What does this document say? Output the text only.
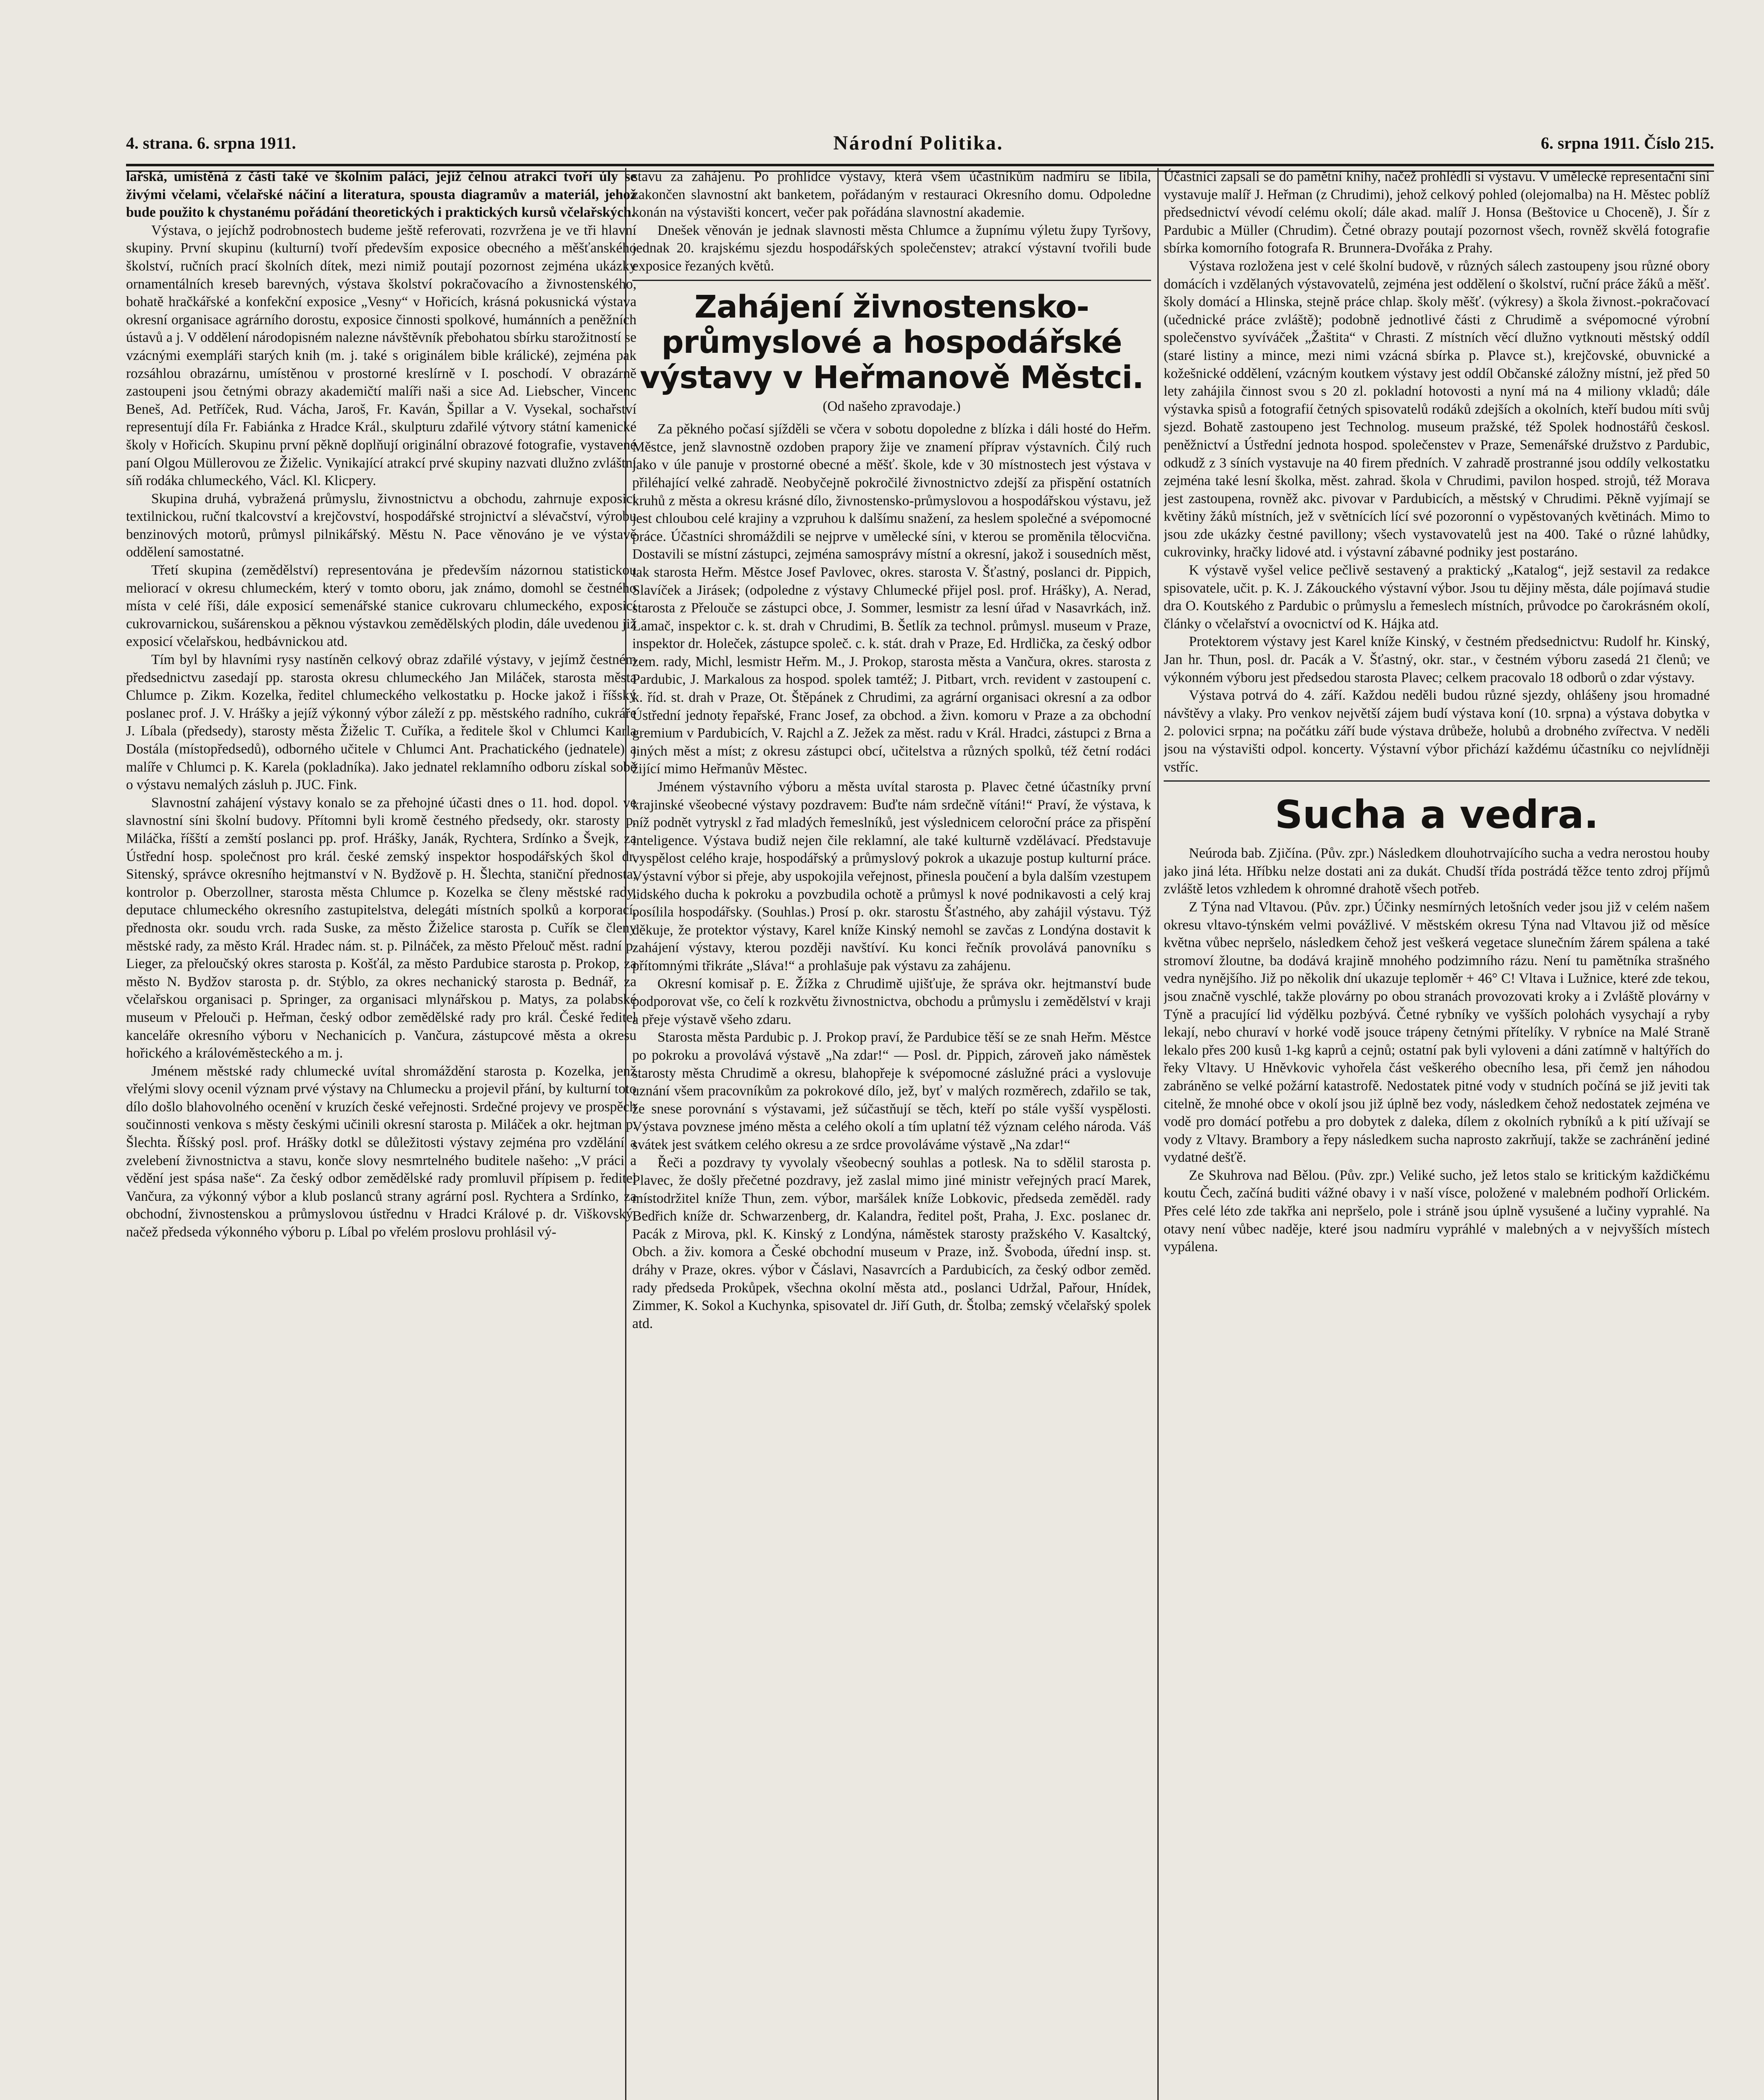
4. strana. 6. srpna 1911.	Národní Politika.	6. srpna 1911. Číslo 215.

lařská, umístěná z části také ve školním paláci, jejíž čelnou atrakci tvoří úly se živými včelami, včelařské náčiní a literatura, spousta diagramův a materiál, jehož bude použito k chystanému pořádání theoretických i praktických kursů včelařských.

Výstava, o jejíchž podrobnostech budeme ještě referovati, rozvržena je ve tři hlavní skupiny. První skupinu (kulturní) tvoří především exposice obecného a měšťanského školství, ručních prací školních dítek, mezi nimiž poutají pozornost zejména ukázky ornamentálních kreseb barevných, výstava školství pokračovacího a živnostenského, bohatě hračkářské a konfekční exposice „Vesny“ v Hořicích, krásná pokusnická výstava okresní organisace agrárního dorostu, exposice činnosti spolkové, humánních a peněžních ústavů a j. V oddělení národopisném nalezne návštěvník přebohatou sbírku starožitností se vzácnými exempláři starých knih (m. j. také s originálem bible králické), zejména pak rozsáhlou obrazárnu, umístěnou v prostorné kreslírně v I. poschodí. V obrazárně zastoupeni jsou četnými obrazy akademičtí malíři naši a sice Ad. Liebscher, Vincenc Beneš, Ad. Petříček, Rud. Vácha, Jaroš, Fr. Kaván, Špillar a V. Vysekal, sochařství representují díla Fr. Fabiánka z Hradce Král., skulpturu zdařilé výtvory státní kamenické školy v Hořicích. Skupinu první pěkně doplňují originální obrazové fotografie, vystavené paní Olgou Müllerovou ze Žiželic. Vynikající atrakcí prvé skupiny nazvati dlužno zvláštní síň rodáka chlumeckého, Václ. Kl. Klicpery.

Skupina druhá, vybražená průmyslu, živnostnictvu a obchodu, zahrnuje exposici textilnickou, ruční tkalcovství a krejčovství, hospodářské strojnictví a slévačství, výrobu benzinových motorů, průmysl pilnikářský. Městu N. Pace věnováno je ve výstavě oddělení samostatné.

Třetí skupina (zemědělství) representována je především názornou statistickou meliorací v okresu chlumeckém, který v tomto oboru, jak známo, domohl se čestného místa v celé říši, dále exposicí semenářské stanice cukrovaru chlumeckého, exposicí cukrovarnickou, sušárenskou a pěknou výstavkou zemědělských plodin, dále uvedenou již exposicí včelařskou, hedbávnickou atd.

Tím byl by hlavními rysy nastíněn celkový obraz zdařilé výstavy, v jejímž čestném předsednictvu zasedají pp. starosta okresu chlumeckého Jan Miláček, starosta města Chlumce p. Zikm. Kozelka, ředitel chlumeckého velkostatku p. Hocke jakož i říšský poslanec prof. J. V. Hrášky a jejíž výkonný výbor záleží z pp. městského radního, cukráře J. Líbala (předsedy), starosty města Žiželic T. Cuříka, a ředitele škol v Chlumci Karla Dostála (místopředsedů), odborného učitele v Chlumci Ant. Prachatického (jednatele) a malíře v Chlumci p. K. Karela (pokladníka). Jako jednatel reklamního odboru získal sobě o výstavu nemalých zásluh p. JUC. Fink.

Slavnostní zahájení výstavy konalo se za přehojné účasti dnes o 11. hod. dopol. ve slavnostní síni školní budovy. Přítomni byli kromě čestného předsedy, okr. starosty p. Miláčka, říšští a zemští poslanci pp. prof. Hrášky, Janák, Rychtera, Srdínko a Švejk, za Ústřední hosp. společnost pro král. české zemský inspektor hospodářských škol dr. Sitenský, správce okresního hejtmanství v N. Bydžově p. H. Šlechta, staniční přednosta, kontrolor p. Oberzollner, starosta města Chlumce p. Kozelka se členy městské rady, deputace chlumeckého okresního zastupitelstva, delegáti místních spolků a korporací, přednosta okr. soudu vrch. rada Suske, za město Žiželice starosta p. Cuřík se členy městské rady, za město Král. Hradec nám. st. p. Pilnáček, za město Přelouč měst. radní p. Lieger, za přeloučský okres starosta p. Košťál, za město Pardubice starosta p. Prokop, za město N. Bydžov starosta p. dr. Stýblo, za okres nechanický starosta p. Bednář, za včelařskou organisaci p. Springer, za organisaci mlynářskou p. Matys, za polabské museum v Přelouči p. Heřman, český odbor zemědělské rady pro král. České ředitel kanceláře okresního výboru v Nechanicích p. Vančura, zástupcové města a okresu hořického a královéměsteckého a m. j.

Jménem městské rady chlumecké uvítal shromáždění starosta p. Kozelka, jenž vřelými slovy ocenil význam prvé výstavy na Chlumecku a projevil přání, by kulturní toto dílo došlo blahovolného ocenění v kruzích české veřejnosti. Srdečné projevy ve prospěch součinnosti venkova s městy českými učinili okresní starosta p. Miláček a okr. hejtman p. Šlechta. Říšský posl. prof. Hrášky dotkl se důležitosti výstavy zejména pro vzdělání a zvelebení živnostnictva a stavu, konče slovy nesmrtelného buditele našeho: „V práci a vědění jest spása naše“. Za český odbor zemědělské rady promluvil přípisem p. ředitel Vančura, za výkonný výbor a klub poslanců strany agrární posl. Rychtera a Srdínko, za obchodní, živnostenskou a průmyslovou ústřednu v Hradci Králové p. dr. Viškovský, načež předseda výkonného výboru p. Líbal po vřelém proslovu prohlásil vý-

stavu za zahájenu. Po prohlídce výstavy, která všem účastníkům nadmíru se líbila, zakončen slavnostní akt banketem, pořádaným v restauraci Okresního domu. Odpoledne konán na výstavišti koncert, večer pak pořádána slavnostní akademie.

Dnešek věnován je jednak slavnosti města Chlumce a župnímu výletu župy Tyršovy, jednak 20. krajskému sjezdu hospodářských společenstev; atrakcí výstavní tvořili bude exposice řezaných květů.

Zahájení živnostensko-průmyslové a hospodářské výstavy v Heřmanově Městci.
(Od našeho zpravodaje.)

Za pěkného počasí sjížděli se včera v sobotu dopoledne z blízka i dáli hosté do Heřm. Městce, jenž slavnostně ozdoben prapory žije ve znamení příprav výstavních. Čilý ruch jako v úle panuje v prostorné obecné a měšť. škole, kde v 30 místnostech jest výstava v přiléhající velké zahradě. Neobyčejně pokročilé živnostnictvo zdejší za přispění ostatních kruhů z města a okresu krásné dílo, živnostensko-průmyslovou a hospodářskou výstavu, jež jest chloubou celé krajiny a vzpruhou k dalšímu snažení, za heslem společné a svépomocné práce. Účastníci shromáždili se nejprve v umělecké síni, v kterou se proměnila tělocvična. Dostavili se místní zástupci, zejména samosprávy místní a okresní, jakož i sousedních měst, tak starosta Heřm. Městce Josef Pavlovec, okres. starosta V. Šťastný, poslanci dr. Pippich, Slavíček a Jirásek; (odpoledne z výstavy Chlumecké přijel posl. prof. Hrášky), A. Nerad, starosta z Přelouče se zástupci obce, J. Sommer, lesmistr za lesní úřad v Nasavrkách, inž. Lamač, inspektor c. k. st. drah v Chrudimi, B. Šetlík za technol. průmysl. museum v Praze, inspektor dr. Holeček, zástupce společ. c. k. stát. drah v Praze, Ed. Hrdlička, za český odbor zem. rady, Michl, lesmistr Heřm. M., J. Prokop, starosta města a Vančura, okres. starosta z Pardubic, J. Markalous za hospod. spolek tamtéž; J. Pitbart, vrch. revident v zastoupení c. k. říd. st. drah v Praze, Ot. Štěpánek z Chrudimi, za agrární organisaci okresní a za odbor Ústřední jednoty řepařské, Franc Josef, za obchod. a živn. komoru v Praze a za obchodní gremium v Pardubicích, V. Rajchl a Z. Ježek za měst. radu v Král. Hradci, zástupci z Brna a jiných měst a míst; z okresu zástupci obcí, učitelstva a různých spolků, též četní rodáci žijící mimo Heřmanův Městec.

Jménem výstavního výboru a města uvítal starosta p. Plavec četné účastníky první krajinské všeobecné výstavy pozdravem: Buďte nám srdečně vítáni!“ Praví, že výstava, k níž podnět vytryskl z řad mladých řemeslníků, jest výslednicem celoroční práce za přispění inteligence. Výstava budiž nejen čile reklamní, ale také kulturně vzdělávací. Představuje vyspělost celého kraje, hospodářský a průmyslový pokrok a ukazuje postup kulturní práce. Výstavní výbor si přeje, aby uspokojila veřejnost, přinesla poučení a byla dalším vzestupem lidského ducha k pokroku a povzbudila ochotě a průmysl k nové podnikavosti a celý kraj posílila hospodářsky. (Souhlas.) Prosí p. okr. starostu Šťastného, aby zahájil výstavu. Týž děkuje, že protektor výstavy, Karel kníže Kinský nemohl se zavčas z Londýna dostavit k zahájení výstavy, kterou později navštíví. Ku konci řečník provolává panovníku s přítomnými třikráte „Sláva!“ a prohlašuje pak výstavu za zahájenu.

Okresní komisař p. E. Žížka z Chrudimě ujišťuje, že správa okr. hejtmanství bude podporovat vše, co čelí k rozkvětu živnostnictva, obchodu a průmyslu i zemědělství v kraji a přeje výstavě všeho zdaru.

Starosta města Pardubic p. J. Prokop praví, že Pardubice těší se ze snah Heřm. Městce po pokroku a provolává výstavě „Na zdar!“ — Posl. dr. Pippich, zároveň jako náměstek starosty města Chrudimě a okresu, blahopřeje k svépomocné záslužné práci a vyslovuje uznání všem pracovníkům za pokrokové dílo, jež, byť v malých rozměrech, zdařilo se tak, že snese porovnání s výstavami, jež súčastňují se těch, kteří po stále vyšší vyspělosti. Výstava povznese jméno města a celého okolí a tím uplatní též význam celého národa. Váš svátek jest svátkem celého okresu a ze srdce provoláváme výstavě „Na zdar!“

Řeči a pozdravy ty vyvolaly všeobecný souhlas a potlesk. Na to sdělil starosta p. Plavec, že došly přečetné pozdravy, jež zaslal mimo jiné ministr veřejných prací Marek, místodržitel kníže Thun, zem. výbor, maršálek kníže Lobkovic, předseda zeměděl. rady Bedřich kníže dr. Schwarzenberg, dr. Kalandra, ředitel pošt, Praha, J. Exc. poslanec dr. Pacák z Mirova, pkl. K. Kinský z Londýna, náměstek starosty pražského V. Kasaltcký, Obch. a živ. komora a České obchodní museum v Praze, inž. Švoboda, úřední insp. st. dráhy v Praze, okres. výbor v Čáslavi, Nasavrcích a Pardubicích, za český odbor zeměd. rady předseda Prokůpek, všechna okolní města atd., poslanci Udržal, Pařour, Hnídek, Zimmer, K. Sokol a Kuchynka, spisovatel dr. Jiří Guth, dr. Štolba; zemský včelařský spolek atd.

Účastníci zapsali se do pamětní knihy, načež prohlédli si výstavu. V umělecké representační síni vystavuje malíř J. Heřman (z Chrudimi), jehož celkový pohled (olejomalba) na H. Městec poblíž předsednictví vévodí celému okolí; dále akad. malíř J. Honsa (Beštovice u Choceně), J. Šír z Pardubic a Müller (Chrudim). Četné obrazy poutají pozornost všech, rovněž skvělá fotografie sbírka komorního fotografa R. Brunnera-Dvořáka z Prahy.

Výstava rozložena jest v celé školní budově, v různých sálech zastoupeny jsou různé obory domácích i vzdělaných výstavovatelů, zejména jest oddělení o školství, ruční práce žáků a měšť. školy domácí a Hlinska, stejně práce chlap. školy měšť. (výkresy) a škola živnost.-pokračovací (učednické práce zvláště); podobně jednotlivé části z Chrudimě a svépomocné výrobní společenstvo syvíváček „Žaštita“ v Chrasti. Z místních věcí dlužno vytknouti městský oddíl (staré listiny a mince, mezi nimi vzácná sbírka p. Plavce st.), krejčovské, obuvnické a kožešnické oddělení, vzácným koutkem výstavy jest oddíl Občanské záložny místní, jež před 50 lety zahájila činnost svou s 20 zl. pokladní hotovosti a nyní má na 4 miliony vkladů; dále výstavka spisů a fotografií četných spisovatelů rodáků zdejších a okolních, kteří budou míti svůj sjezd. Bohatě zastoupeno jest Technolog. museum pražské, též Spolek hodnostářů českosl. peněžnictví a Ústřední jednota hospod. společenstev v Praze, Semenářské družstvo z Pardubic, odkudž z 3 síních vystavuje na 40 firem předních. V zahradě prostranné jsou oddíly velkostatku zejména také lesní školka, měst. zahrad. škola v Chrudimi, pavilon hosped. strojů, též Morava jest zastoupena, rovněž akc. pivovar v Pardubicích, a městský v Chrudimi. Pěkně vyjímají se květiny žáků místních, jež v světnících lící své pozoronní o vypěstovaných květinách. Mimo to jsou zde ukázky čestné pavillony; všech vystavovatelů jest na 400. Také o různé lahůdky, cukrovinky, hračky lidové atd. i výstavní zábavné podniky jest postaráno.

K výstavě vyšel velice pečlivě sestavený a praktický „Katalog“, jejž sestavil za redakce spisovatele, učit. p. K. J. Zákouckého výstavní výbor. Jsou tu dějiny města, dále pojímavá studie dra O. Koutského z Pardubic o průmyslu a řemeslech místních, průvodce po čarokrásném okolí, články o včelařství a ovocnictví od K. Hájka atd.

Protektorem výstavy jest Karel kníže Kinský, v čestném předsednictvu: Rudolf hr. Kinský, Jan hr. Thun, posl. dr. Pacák a V. Šťastný, okr. star., v čestném výboru zasedá 21 členů; ve výkonném výboru jest předsedou starosta Plavec; celkem pracovalo 18 odborů o zdar výstavy.

Výstava potrvá do 4. září. Každou neděli budou různé sjezdy, ohlášeny jsou hromadné návštěvy a vlaky. Pro venkov největší zájem budí výstava koní (10. srpna) a výstava dobytka v 2. polovici srpna; na počátku září bude výstava drůbeže, holubů a drobného zvířectva. V neděli jsou na výstavišti odpol. koncerty. Výstavní výbor přichází každému účastníku co nejvlídněji vstříc.

Sucha a vedra.

Neúroda bab. Zjičína. (Pův. zpr.) Následkem dlouhotrvajícího sucha a vedra nerostou houby jako jiná léta. Hříbku nelze dostati ani za dukát. Chudší třída postrádá těžce tento zdroj příjmů zvláště letos vzhledem k ohromné drahotě všech potřeb.

Z Týna nad Vltavou. (Pův. zpr.) Účinky nesmírných letošních veder jsou již v celém našem okresu vltavo-týnském velmi povážlivé. V městském okresu Týna nad Vltavou již od měsíce května vůbec nepršelo, následkem čehož jest veškerá vegetace slunečním žárem spálena a také stromoví žloutne, ba dodává krajině mnohého podzimního rázu. Není tu pamětníka strašného vedra nynějšího. Již po několik dní ukazuje teploměr + 46° C! Vltava i Lužnice, které zde tekou, jsou značně vyschlé, takže plovárny po obou stranách provozovati kroky a i Zvláště plovárny v Týně a pracující lid výdělku pozbývá. Četné rybníky ve vyšších polohách vysychají a ryby lekají, nebo churaví v horké vodě jsouce trápeny četnými přítelíky. V rybníce na Malé Straně lekalo přes 200 kusů 1-kg kaprů a cejnů; ostatní pak byli vyloveni a dáni zatímně v haltýřích do řeky Vltavy. U Hněvkovic vyhořela část veškerého obecního lesa, při čemž jen náhodou zabráněno se velké požární katastrofě. Nedostatek pitné vody v studních počíná se již jeviti tak citelně, že mnohé obce v okolí jsou již úplně bez vody, následkem čehož nedostatek zejména ve vodě pro domácí potřebu a pro dobytek z daleka, dílem z okolních rybníků a k pití užívají se vody z Vltavy. Brambory a řepy následkem sucha naprosto zakrňují, takže se zachránění jediné vydatné dešťě.

Ze Skuhrova nad Bělou. (Pův. zpr.) Veliké sucho, jež letos stalo se kritickým každičkému koutu Čech, začíná buditi vážné obavy i v naší vísce, položené v malebném podhoří Orlickém. Přes celé léto zde takřka ani nepršelo, pole i stráně jsou úplně vysušené a lučiny vyprahlé. Na otavy není vůbec naděje, které jsou nadmíru vypráhlé v malebných a v nejvyšších místech vypálena.
